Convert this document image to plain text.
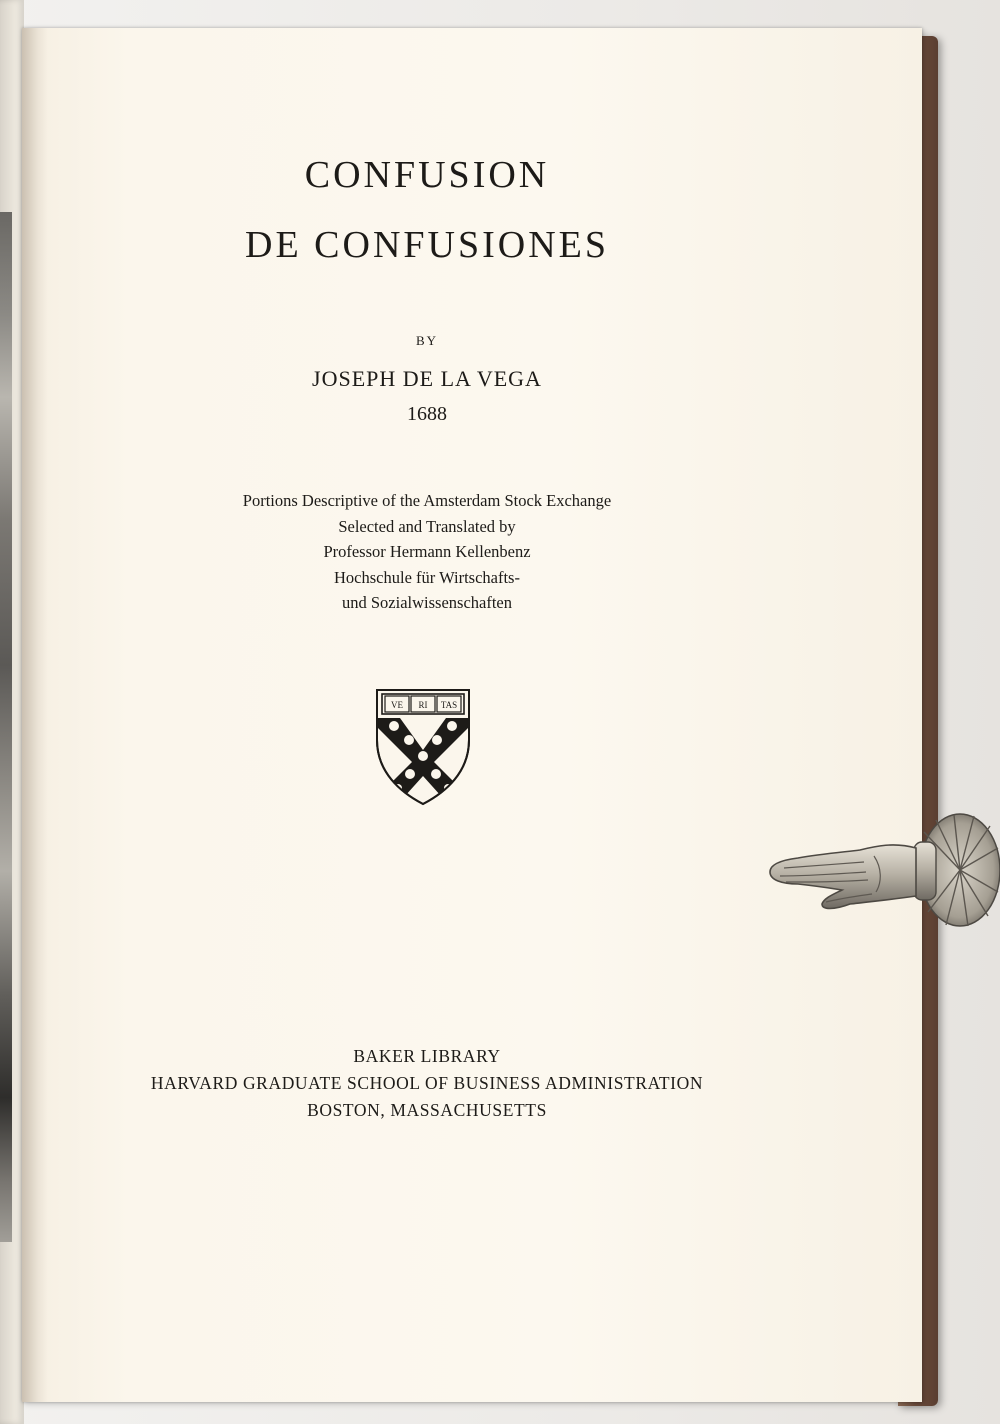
CONFUSION
DE CONFUSIONES
BY
JOSEPH DE LA VEGA
1688
Portions Descriptive of the Amsterdam Stock Exchange
Selected and Translated by
Professor Hermann Kellenbenz
Hochschule für Wirtschafts-
und Sozialwissenschaften
VE RI TAS
BAKER LIBRARY
HARVARD GRADUATE SCHOOL OF BUSINESS ADMINISTRATION
BOSTON, MASSACHUSETTS
